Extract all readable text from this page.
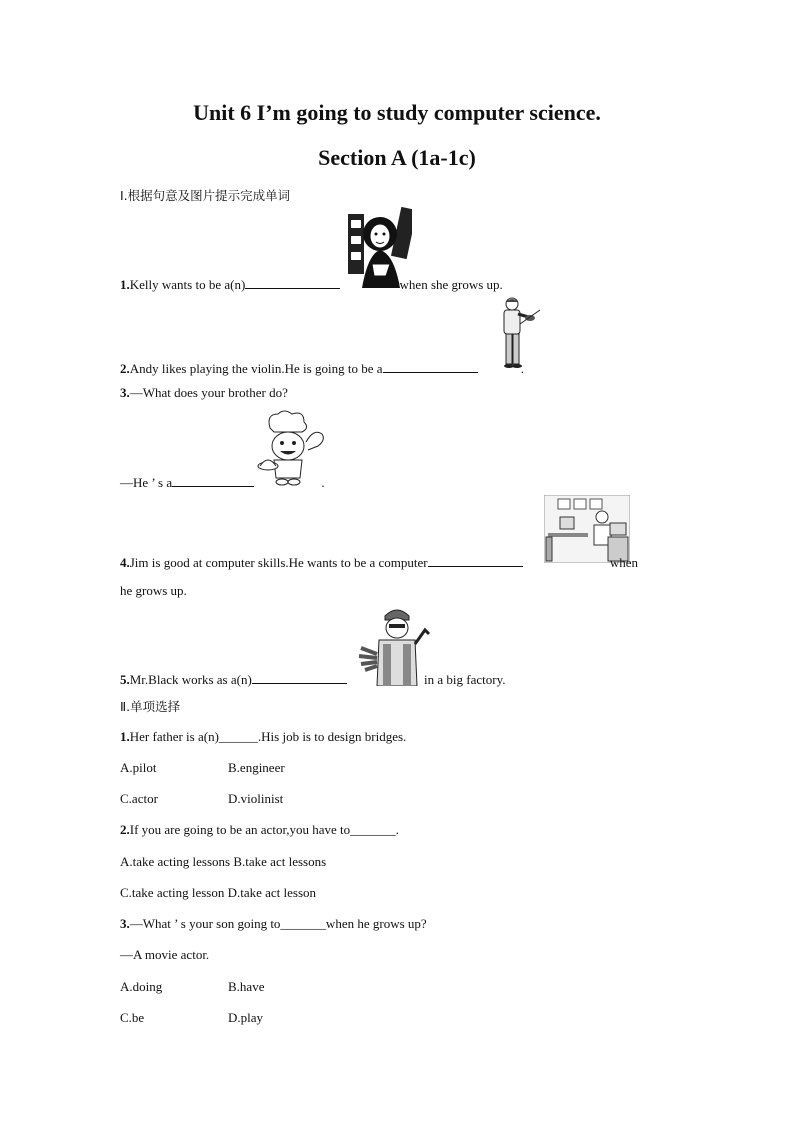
Unit 6 I’m going to study computer science.
Section A (1a-1c)
Ⅰ.根据句意及图片提示完成单词
1.Kelly wants to be a(n)	when she grows up.
2.Andy likes playing the violin.He is going to be a	.
3.—What does your brother do?
—He ’ s a	.
4.Jim is good at computer skills.He wants to be a computer	when
he grows up.
5.Mr.Black works as a(n)	in a big factory.
Ⅱ.单项选择
1.Her father is a(n)______.His job is to design bridges.
A.pilot	B.engineer
C.actor	D.violinist
2.If you are going to be an actor,you have to_______.
A.take acting lessons B.take act lessons
C.take acting lesson D.take act lesson
3.—What ’ s your son going to_______when he grows up?
—A movie actor.
A.doing	B.have
C.be	D.play
